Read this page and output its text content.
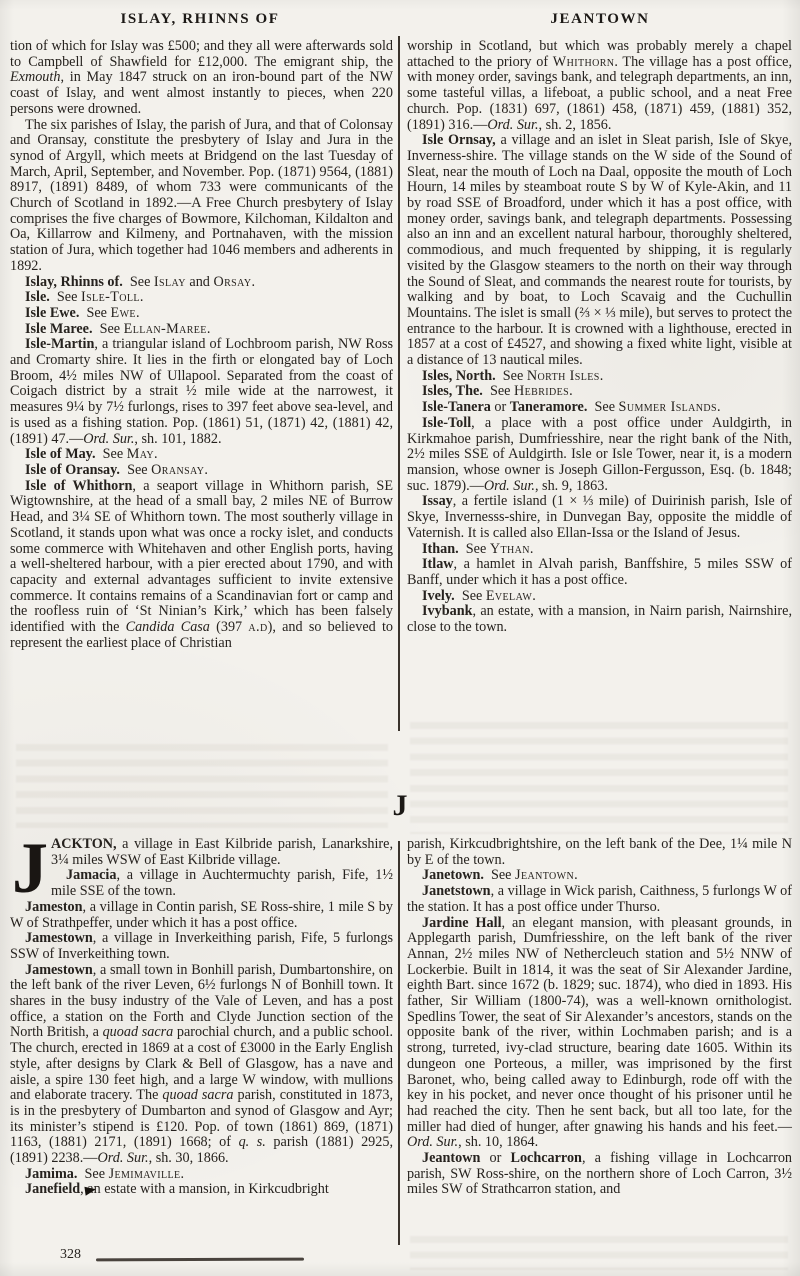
ISLAY, RHINNS OF	JEANTOWN

tion of which for Islay was £500; and they all were afterwards sold to Campbell of Shawfield for £12,000. The emigrant ship, the Exmouth, in May 1847 struck on an iron-bound part of the NW coast of Islay, and went almost instantly to pieces, when 220 persons were drowned.

The six parishes of Islay, the parish of Jura, and that of Colonsay and Oransay, constitute the presbytery of Islay and Jura in the synod of Argyll, which meets at Bridgend on the last Tuesday of March, April, September, and November. Pop. (1871) 9564, (1881) 8917, (1891) 8489, of whom 733 were communicants of the Church of Scotland in 1892.—A Free Church presbytery of Islay comprises the five charges of Bowmore, Kilchoman, Kildalton and Oa, Killarrow and Kilmeny, and Portnahaven, with the mission station of Jura, which together had 1046 members and adherents in 1892.

Islay, Rhinns of. See Islay and Orsay.

Isle. See Isle-Toll.

Isle Ewe. See Ewe.

Isle Maree. See Ellan-Maree.

Isle-Martin, a triangular island of Lochbroom parish, NW Ross and Cromarty shire. It lies in the firth or elongated bay of Loch Broom, 4½ miles NW of Ullapool. Separated from the coast of Coigach district by a strait ½ mile wide at the narrowest, it measures 9¼ by 7½ furlongs, rises to 397 feet above sea-level, and is used as a fishing station. Pop. (1861) 51, (1871) 42, (1881) 42, (1891) 47.—Ord. Sur., sh. 101, 1882.

Isle of May. See May.

Isle of Oransay. See Oransay.

Isle of Whithorn, a seaport village in Whithorn parish, SE Wigtownshire, at the head of a small bay, 2 miles NE of Burrow Head, and 3¼ SE of Whithorn town. The most southerly village in Scotland, it stands upon what was once a rocky islet, and conducts some commerce with Whitehaven and other English ports, having a well-sheltered harbour, with a pier erected about 1790, and with capacity and external advantages sufficient to invite extensive commerce. It contains remains of a Scandinavian fort or camp and the roofless ruin of ‘St Ninian’s Kirk,’ which has been falsely identified with the Candida Casa (397 a.d), and so believed to represent the earliest place of Christian

worship in Scotland, but which was probably merely a chapel attached to the priory of Whithorn. The village has a post office, with money order, savings bank, and telegraph departments, an inn, some tasteful villas, a lifeboat, a public school, and a neat Free church. Pop. (1831) 697, (1861) 458, (1871) 459, (1881) 352, (1891) 316.—Ord. Sur., sh. 2, 1856.

Isle Ornsay, a village and an islet in Sleat parish, Isle of Skye, Inverness-shire. The village stands on the W side of the Sound of Sleat, near the mouth of Loch na Daal, opposite the mouth of Loch Hourn, 14 miles by steamboat route S by W of Kyle-Akin, and 11 by road SSE of Broadford, under which it has a post office, with money order, savings bank, and telegraph departments. Possessing also an inn and an excellent natural harbour, thoroughly sheltered, commodious, and much frequented by shipping, it is regularly visited by the Glasgow steamers to the north on their way through the Sound of Sleat, and commands the nearest route for tourists, by walking and by boat, to Loch Scavaig and the Cuchullin Mountains. The islet is small (⅔ × ⅓ mile), but serves to protect the entrance to the harbour. It is crowned with a lighthouse, erected in 1857 at a cost of £4527, and showing a fixed white light, visible at a distance of 13 nautical miles.

Isles, North. See North Isles.

Isles, The. See Hebrides.

Isle-Tanera or Taneramore. See Summer Islands.

Isle-Toll, a place with a post office under Auldgirth, in Kirkmahoe parish, Dumfriesshire, near the right bank of the Nith, 2½ miles SSE of Auldgirth. Isle or Isle Tower, near it, is a modern mansion, whose owner is Joseph Gillon-Fergusson, Esq. (b. 1848; suc. 1879).—Ord. Sur., sh. 9, 1863.

Issay, a fertile island (1 × ⅓ mile) of Duirinish parish, Isle of Skye, Invernesss-shire, in Dunvegan Bay, opposite the middle of Vaternish. It is called also Ellan-Issa or the Island of Jesus.

Ithan. See Ythan.

Itlaw, a hamlet in Alvah parish, Banffshire, 5 miles SSW of Banff, under which it has a post office.

Ively. See Evelaw.

Ivybank, an estate, with a mansion, in Nairn parish, Nairnshire, close to the town.

J

JACKTON, a village in East Kilbride parish, Lanarkshire, 3¼ miles WSW of East Kilbride village.

Jamacia, a village in Auchtermuchty parish, Fife, 1½ mile SSE of the town.

Jameston, a village in Contin parish, SE Ross-shire, 1 mile S by W of Strathpeffer, under which it has a post office.

Jamestown, a village in Inverkeithing parish, Fife, 5 furlongs SSW of Inverkeithing town.

Jamestown, a small town in Bonhill parish, Dumbartonshire, on the left bank of the river Leven, 6½ furlongs N of Bonhill town. It shares in the busy industry of the Vale of Leven, and has a post office, a station on the Forth and Clyde Junction section of the North British, a quoad sacra parochial church, and a public school. The church, erected in 1869 at a cost of £3000 in the Early English style, after designs by Clark & Bell of Glasgow, has a nave and aisle, a spire 130 feet high, and a large W window, with mullions and elaborate tracery. The quoad sacra parish, constituted in 1873, is in the presbytery of Dumbarton and synod of Glasgow and Ayr; its minister’s stipend is £120. Pop. of town (1861) 869, (1871) 1163, (1881) 2171, (1891) 1668; of q. s. parish (1881) 2925, (1891) 2238.—Ord. Sur., sh. 30, 1866.

Jamima. See Jemimaville.

Janefield, an estate with a mansion, in Kirkcudbright

parish, Kirkcudbrightshire, on the left bank of the Dee, 1¼ mile N by E of the town.

Janetown. See Jeantown.

Janetstown, a village in Wick parish, Caithness, 5 furlongs W of the station. It has a post office under Thurso.

Jardine Hall, an elegant mansion, with pleasant grounds, in Applegarth parish, Dumfriesshire, on the left bank of the river Annan, 2½ miles NW of Nethercleuch station and 5½ NNW of Lockerbie. Built in 1814, it was the seat of Sir Alexander Jardine, eighth Bart. since 1672 (b. 1829; suc. 1874), who died in 1893. His father, Sir William (1800-74), was a well-known ornithologist. Spedlins Tower, the seat of Sir Alexander’s ancestors, stands on the opposite bank of the river, within Lochmaben parish; and is a strong, turreted, ivy-clad structure, bearing date 1605. Within its dungeon one Porteous, a miller, was imprisoned by the first Baronet, who, being called away to Edinburgh, rode off with the key in his pocket, and never once thought of his prisoner until he had reached the city. Then he sent back, but all too late, for the miller had died of hunger, after gnawing his hands and his feet.—Ord. Sur., sh. 10, 1864.

Jeantown or Lochcarron, a fishing village in Lochcarron parish, SW Ross-shire, on the northern shore of Loch Carron, 3½ miles SW of Strathcarron station, and

328
